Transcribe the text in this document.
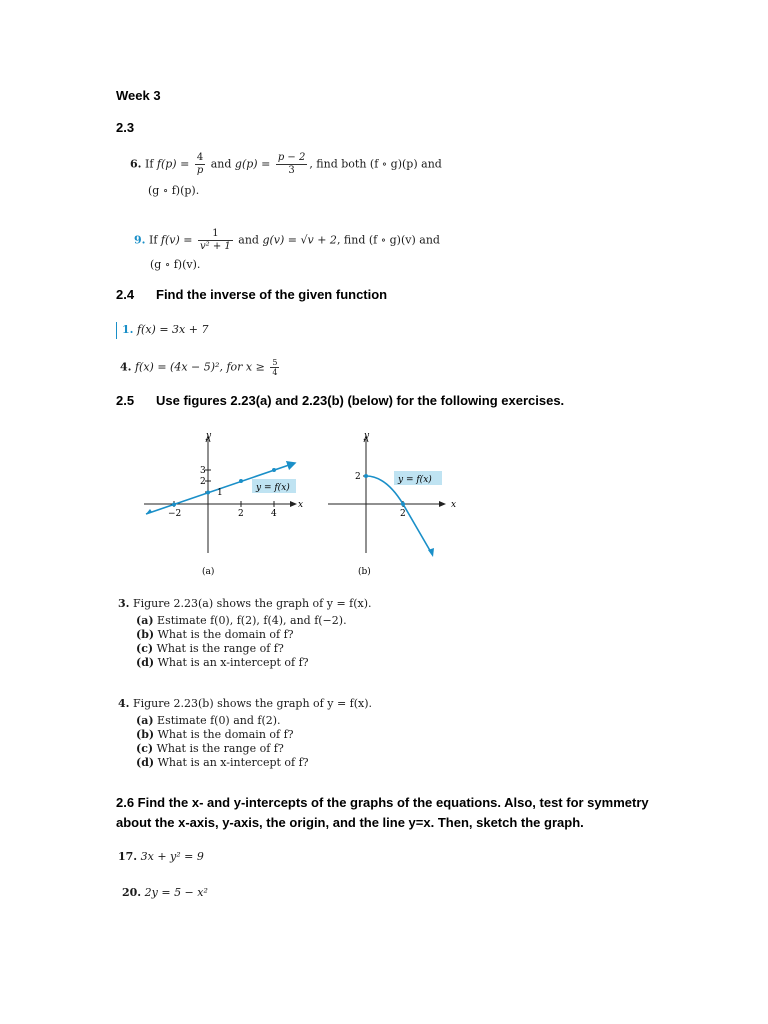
Week 3
2.3
6. If $f(p) = \frac{4}{p}$ and $g(p) = \frac{p - 2}{3}$ , find both (f ∘ g)(p) and
(g ∘ f)(p).
9. If $f(v) = \frac{1}{\text{v² + 1}}$ and g(v) = √v + 2, find (f ∘ g)(v) and
(g ∘ f)(v).
2.4 Find the inverse of the given function
1. f(x) = 3x + 7
4. f(x) = (4x − 5)², for $x \ge \frac{5}{4}$
2.5 Use figures 2.23(a) and 2.23(b) (below) for the following exercises.
y = f(x)
y
x
−2	2	4
3
2
1
(a)
y = f(x)
y
x
2
2
(b)
3. Figure 2.23(a) shows the graph of y = f(x).
(a) Estimate f(0), f(2), f(4), and f(−2).
(b) What is the domain of f?
(c) What is the range of f?
(d) What is an x-intercept of f?
4. Figure 2.23(b) shows the graph of y = f(x).
(a) Estimate f(0) and f(2).
(b) What is the domain of f?
(c) What is the range of f?
(d) What is an x-intercept of f?
2.6 Find the x- and y-intercepts of the graphs of the equations. Also, test for symmetry
about the x-axis, y-axis, the origin, and the line y=x. Then, sketch the graph.
17. 3x + y² = 9
20. 2y = 5 − x²
